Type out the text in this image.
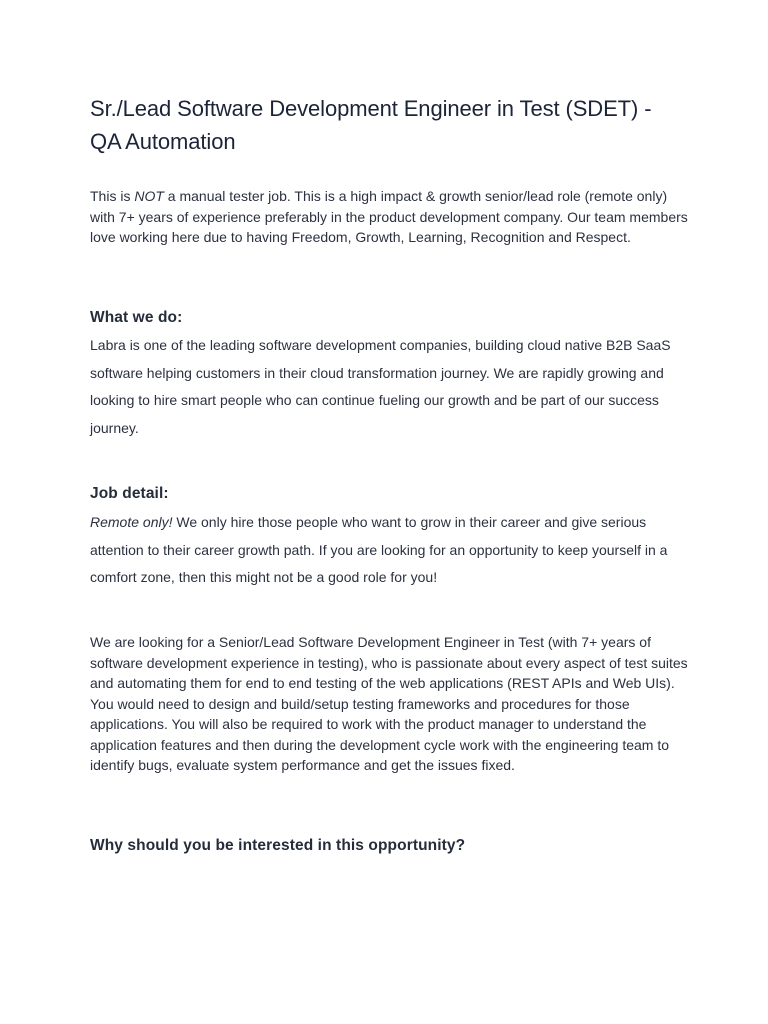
Sr./Lead Software Development Engineer in Test (SDET) - QA Automation

This is NOT a manual tester job. This is a high impact & growth senior/lead role (remote only) with 7+ years of experience preferably in the product development company. Our team members love working here due to having Freedom, Growth, Learning, Recognition and Respect.

What we do:

Labra is one of the leading software development companies, building cloud native B2B SaaS software helping customers in their cloud transformation journey. We are rapidly growing and looking to hire smart people who can continue fueling our growth and be part of our success journey.

Job detail:

Remote only! We only hire those people who want to grow in their career and give serious attention to their career growth path. If you are looking for an opportunity to keep yourself in a comfort zone, then this might not be a good role for you!

We are looking for a Senior/Lead Software Development Engineer in Test (with 7+ years of software development experience in testing), who is passionate about every aspect of test suites and automating them for end to end testing of the web applications (REST APIs and Web UIs). You would need to design and build/setup testing frameworks and procedures for those applications. You will also be required to work with the product manager to understand the application features and then during the development cycle work with the engineering team to identify bugs, evaluate system performance and get the issues fixed.

Why should you be interested in this opportunity?
